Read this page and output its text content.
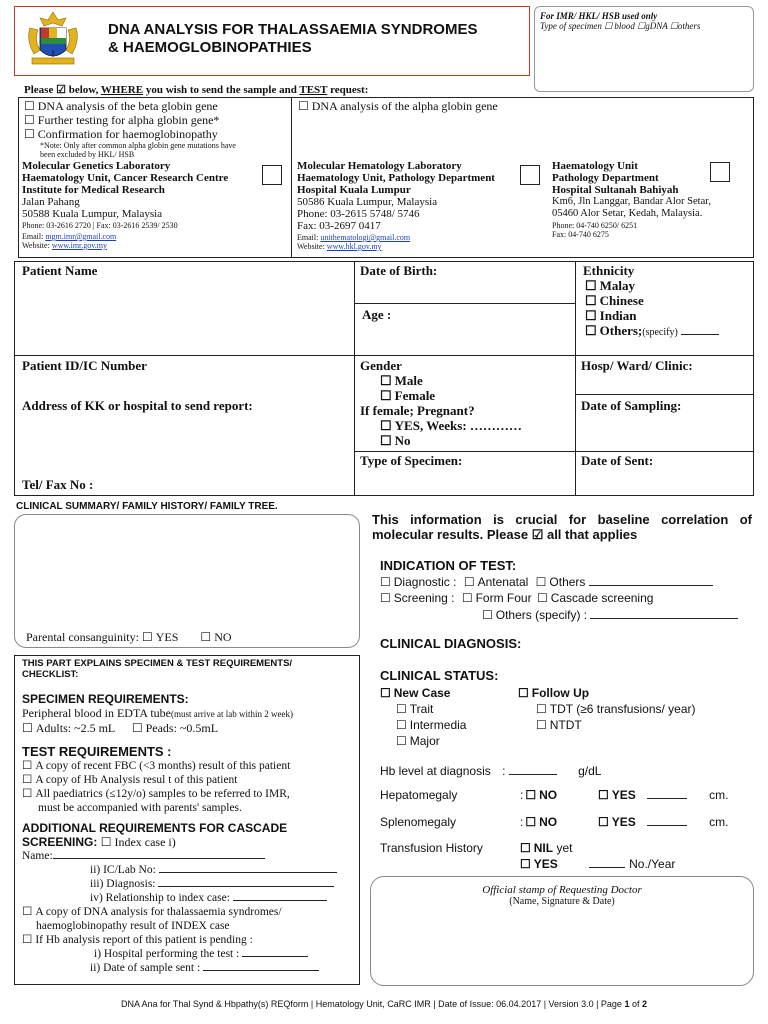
DNA ANALYSIS FOR THALASSAEMIA SYNDROMES
& HAEMOGLOBINOPATHIES
For IMR/ HKL/ HSB used only
Type of specimen ☐ blood ☐gDNA ☐others
Please ☑ below, WHERE you wish to send the sample and TEST request:
☐ DNA analysis of the beta globin gene
☐ Further testing for alpha globin gene*
☐ Confirmation for haemoglobinopathy
*Note: Only after common alpha globin gene mutations have
been excluded by HKL/ HSB
Molecular Genetics Laboratory
Haematology Unit, Cancer Research Centre
Institute for Medical Research
Jalan Pahang
50588 Kuala Lumpur, Malaysia
Phone: 03-2616 2720 | Fax: 03-2616 2539/ 2530
Email: mgm.imr@gmail.com
Website: www.imr.gov.my
☐ DNA analysis of the alpha globin gene
Molecular Hematology Laboratory
Haematology Unit, Pathology Department
Hospital Kuala Lumpur
50586 Kuala Lumpur, Malaysia
Phone: 03-2615 5748/ 5746
Fax: 03-2697 0417
Email: unithematologi@gmail.com
Website: www.hkl.gov.my
Haematology Unit
Pathology Department
Hospital Sultanah Bahiyah
Km6, Jln Langgar, Bandar Alor Setar,
05460 Alor Setar, Kedah, Malaysia.
Phone: 04-740 6250/ 6251
Fax: 04-740 6275
Patient Name	Date of Birth:
Age :
Ethnicity
☐ Malay
☐ Chinese
☐ Indian
☐ Others;(specify)
Patient ID/IC Number	Gender
☐ Male
☐ Female
If female; Pregnant?
☐ YES, Weeks: …………
☐ No
Hosp/ Ward/ Clinic:
Address of KK or hospital to send report:	Date of Sampling:
Type of Specimen:	Date of Sent:
Tel/ Fax No :
CLINICAL SUMMARY/ FAMILY HISTORY/ FAMILY TREE.
Parental consanguinity: ☐ YES	☐ NO
This information is crucial for baseline correlation of
molecular results. Please ☑ all that applies
INDICATION OF TEST:
☐ Diagnostic : ☐ Antenatal ☐ Others
☐ Screening : ☐ Form Four ☐ Cascade screening
☐ Others (specify) :
CLINICAL DIAGNOSIS:
CLINICAL STATUS:
☐ New Case
☐ Trait
☐ Intermedia
☐ Major
☐ Follow Up
☐ TDT (≥6 transfusions/ year)
☐ NTDT
Hb level at diagnosis :	g/dL
Hepatomegaly	: ☐ NO	☐ YES	cm.
Splenomegaly	: ☐ NO	☐ YES	cm.
Transfusion History	☐ NIL yet
☐ YES	No./Year
Official stamp of Requesting Doctor
(Name, Signature & Date)
THIS PART EXPLAINS SPECIMEN & TEST REQUIREMENTS/
CHECKLIST:
SPECIMEN REQUIREMENTS:
Peripheral blood in EDTA tube(must arrive at lab within 2 week)
☐ Adults: ~2.5 mL	☐ Peads: ~0.5mL
TEST REQUIREMENTS :
☐ A copy of recent FBC (<3 months) result of this patient
☐ A copy of Hb Analysis resul t of this patient
☐ All paediatrics (≤12y/o) samples to be referred to IMR,
must be accompanied with parents' samples.
ADDITIONAL REQUIREMENTS FOR CASCADE
SCREENING: ☐ Index case i)
Name:
ii) IC/Lab No:
iii) Diagnosis:
iv) Relationship to index case:
☐ A copy of DNA analysis for thalassaemia syndromes/
haemoglobinopathy result of INDEX case
☐ If Hb analysis report of this patient is pending :
i) Hospital performing the test :
ii) Date of sample sent :
DNA Ana for Thal Synd & Hbpathy(s) REQform | Hematology Unit, CaRC IMR | Date of Issue: 06.04.2017 | Version 3.0 | Page 1 of 2
